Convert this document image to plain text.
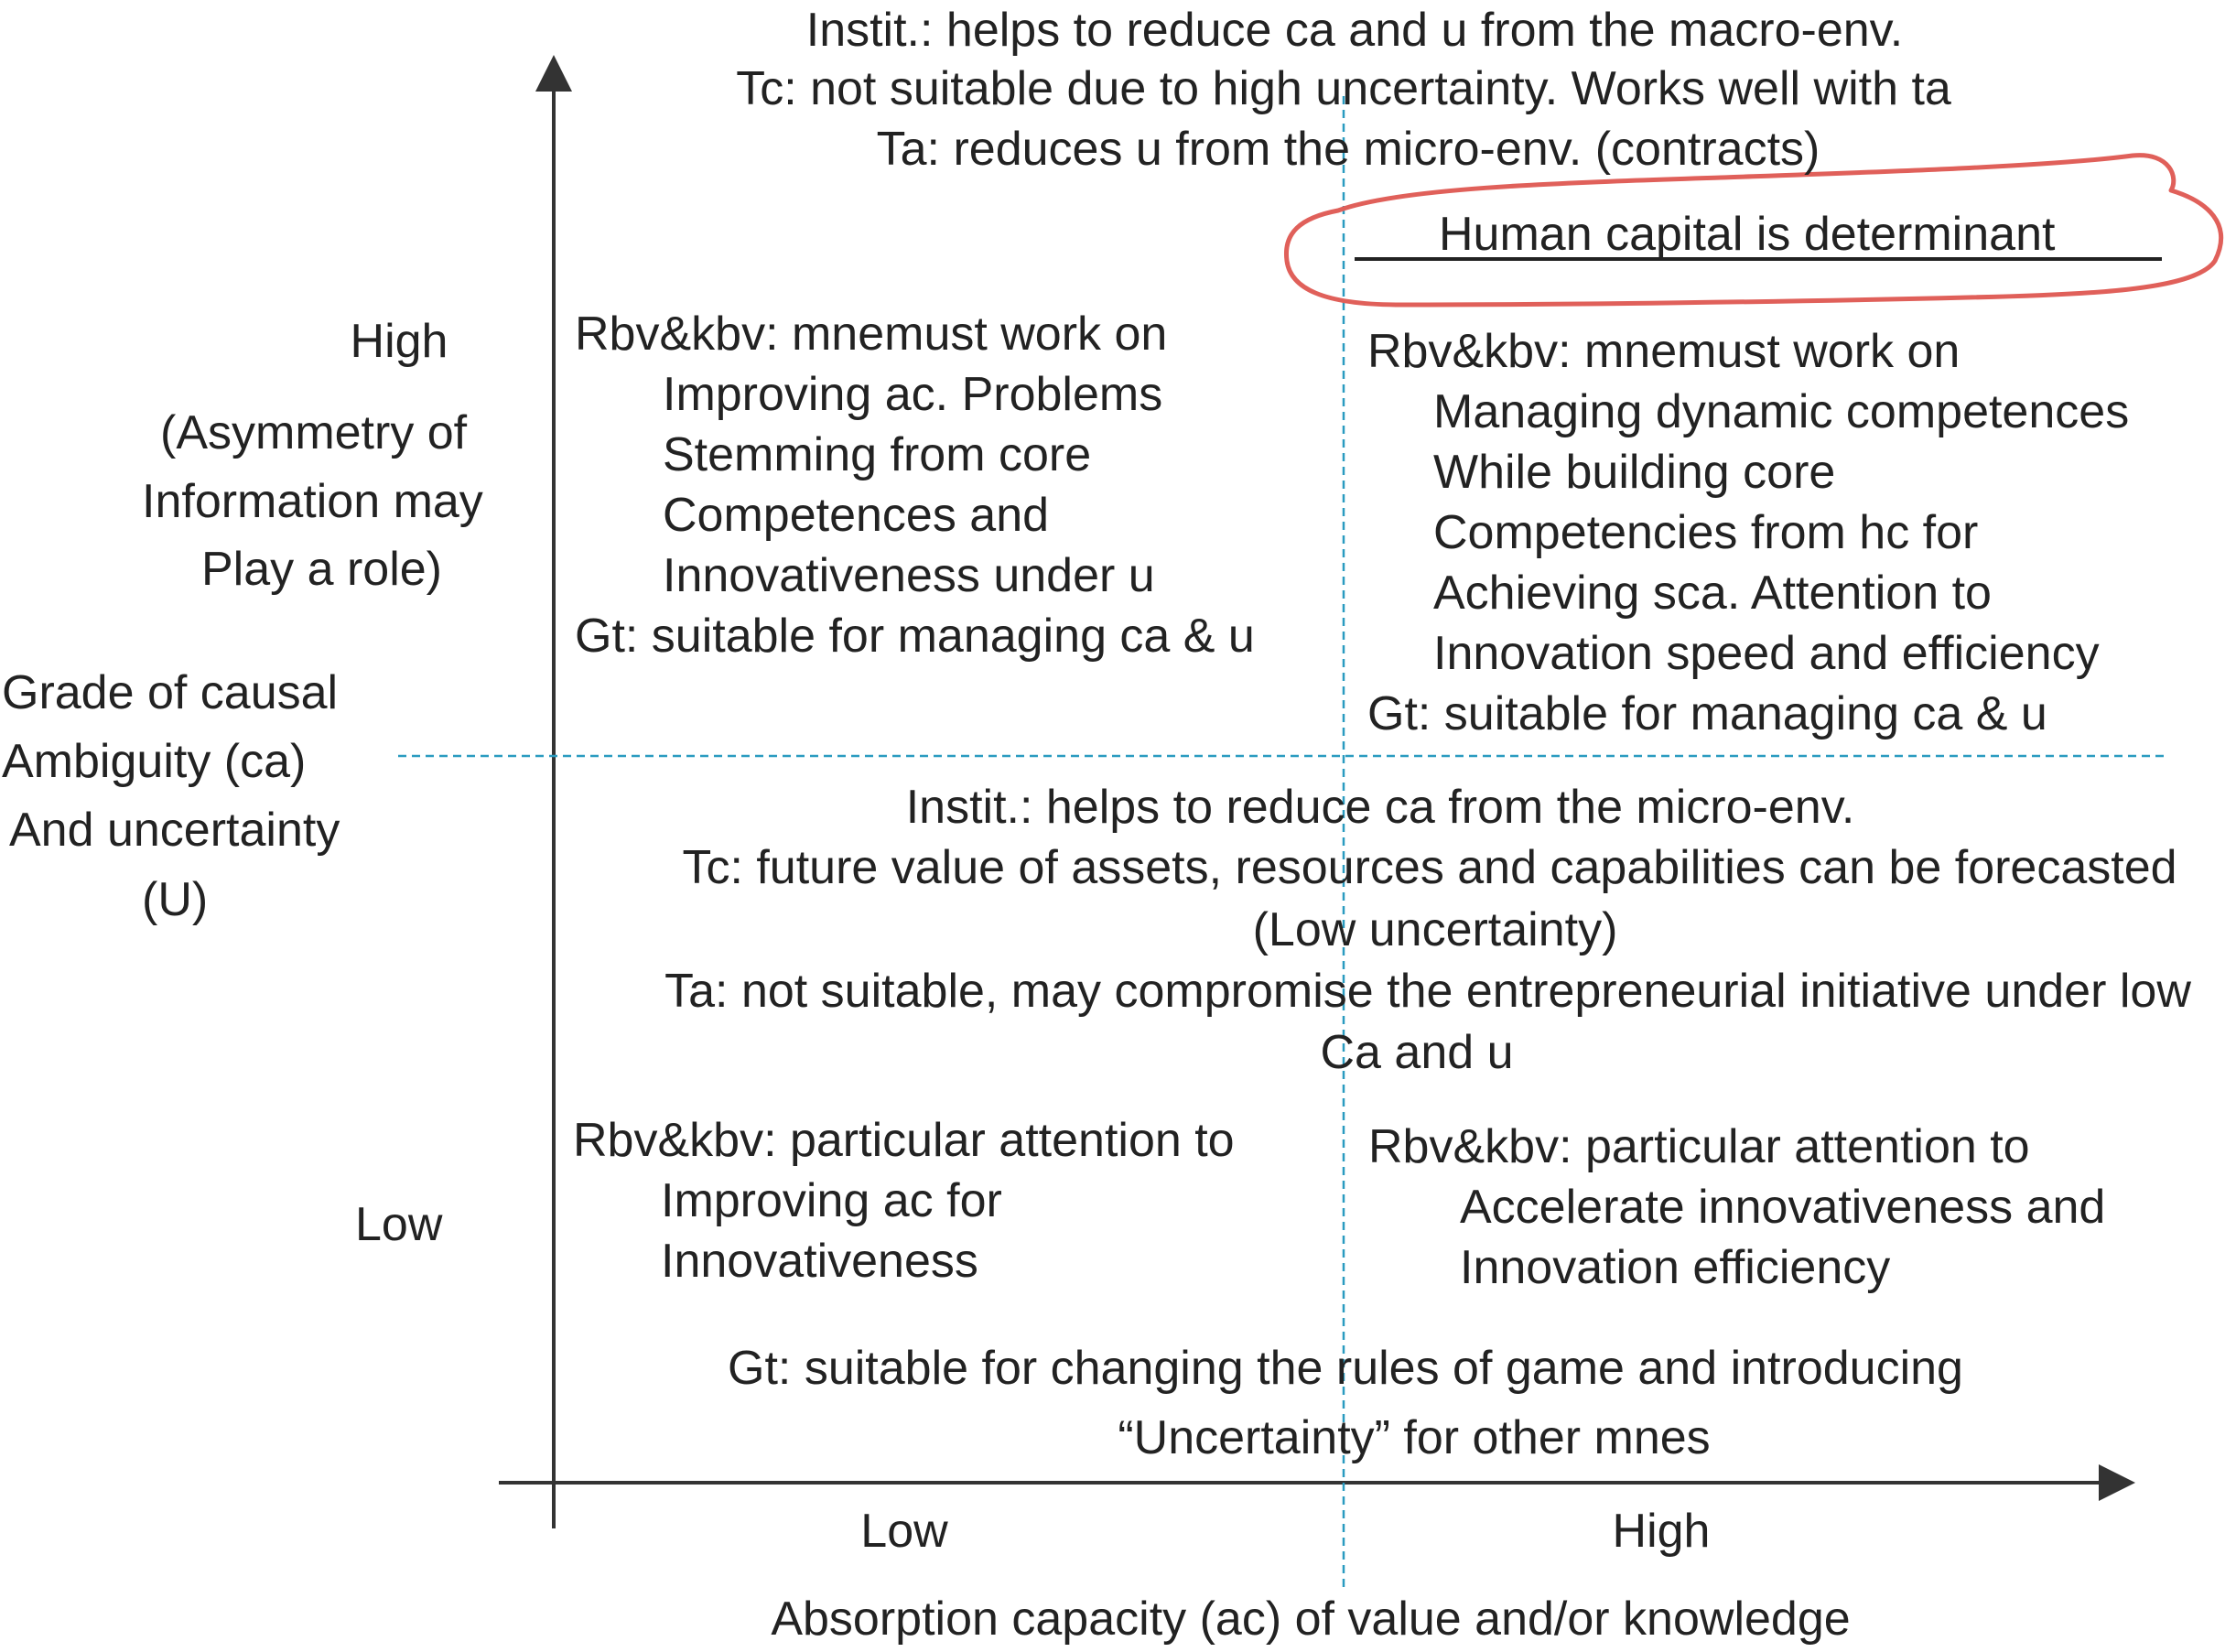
Instit.: helps to reduce ca and u from the macro-env.
Tc: not suitable due to high uncertainty. Works well with ta
Ta: reduces u from the micro-env. (contracts)
Human capital is determinant
High
(Asymmetry of
Information may
Play a role)
Grade of causal
Ambiguity (ca)
And uncertainty
(U)
Low
Rbv&kbv: mnemust work on
Improving ac. Problems
Stemming from core
Competences and
Innovativeness under u
Gt: suitable for managing ca & u
Rbv&kbv: mnemust work on
Managing dynamic competences
While building core
Competencies from hc for
Achieving sca. Attention to
Innovation speed and efficiency
Gt: suitable for managing ca & u
Instit.: helps to reduce ca from the micro-env.
Tc: future value of assets, resources and capabilities can be forecasted
(Low uncertainty)
Ta: not suitable, may compromise the entrepreneurial initiative under low
Ca and u
Rbv&kbv: particular attention to
Improving ac for
Innovativeness
Rbv&kbv: particular attention to
Accelerate innovativeness and
Innovation efficiency
Gt: suitable for changing the rules of game and introducing
“Uncertainty” for other mnes
Low	High
Absorption capacity (ac) of value and/or knowledge
